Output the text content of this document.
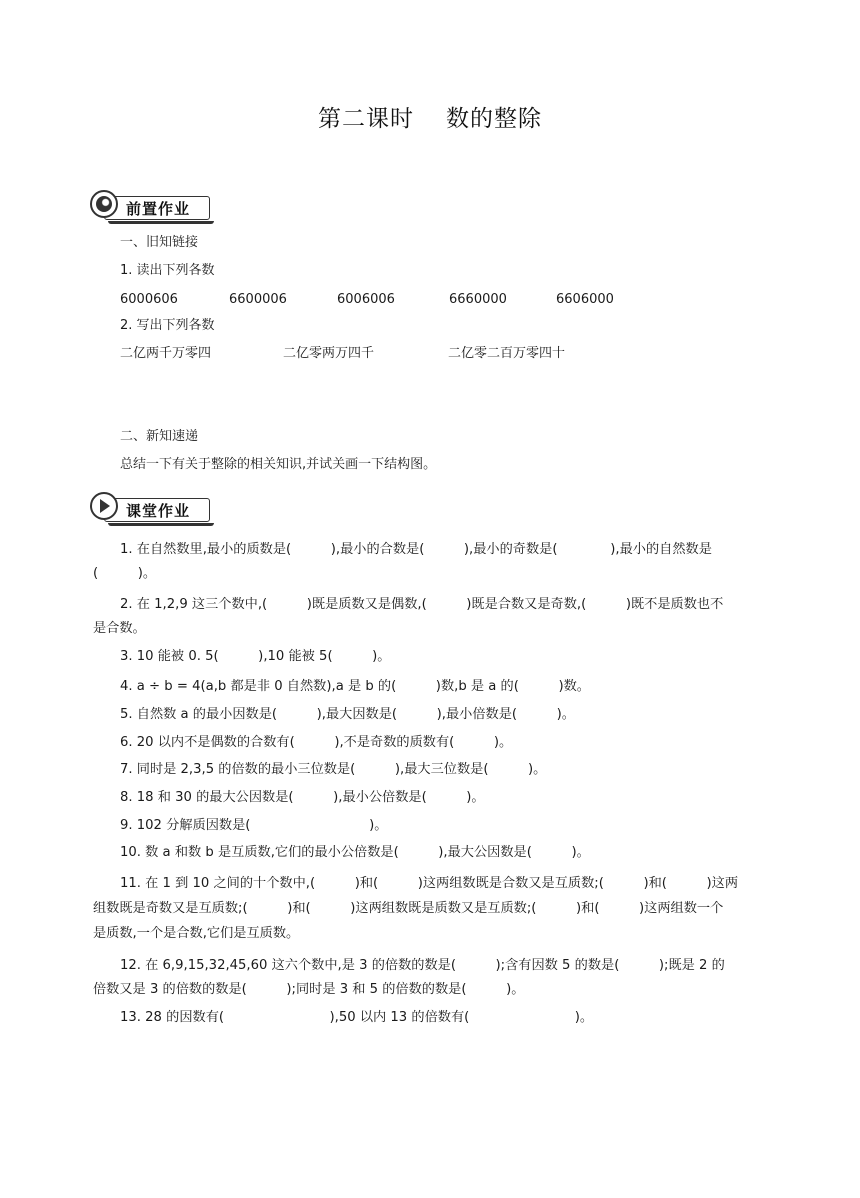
第二课时 数的整除
前置作业
一、旧知链接
1. 读出下列各数
6000606	6600006	6006006	6660000	6606000
2. 写出下列各数
二亿两千万零四	二亿零两万四千	二亿零二百万零四十
二、新知速递
总结一下有关于整除的相关知识,并试关画一下结构图。
课堂作业
1. 在自然数里,最小的质数是(　　　),最小的合数是(　　　),最小的奇数是(　　　　),最小的自然数是
(　　　)。
2. 在 1,2,9 这三个数中,(　　　)既是质数又是偶数,(　　　)既是合数又是奇数,(　　　)既不是质数也不
是合数。
3. 10 能被 0. 5(　　　),10 能被 5(　　　)。
4. a ÷ b = 4(a,b 都是非 0 自然数),a 是 b 的(　　　)数,b 是 a 的(　　　)数。
5. 自然数 a 的最小因数是(　　　),最大因数是(　　　),最小倍数是(　　　)。
6. 20 以内不是偶数的合数有(　　　),不是奇数的质数有(　　　)。
7. 同时是 2,3,5 的倍数的最小三位数是(　　　),最大三位数是(　　　)。
8. 18 和 30 的最大公因数是(　　　),最小公倍数是(　　　)。
9. 102 分解质因数是(　　　　　　　　　)。
10. 数 a 和数 b 是互质数,它们的最小公倍数是(　　　),最大公因数是(　　　)。
11. 在 1 到 10 之间的十个数中,(　　　)和(　　　)这两组数既是合数又是互质数;(　　　)和(　　　)这两
组数既是奇数又是互质数;(　　　)和(　　　)这两组数既是质数又是互质数;(　　　)和(　　　)这两组数一个
是质数,一个是合数,它们是互质数。
12. 在 6,9,15,32,45,60 这六个数中,是 3 的倍数的数是(　　　);含有因数 5 的数是(　　　);既是 2 的
倍数又是 3 的倍数的数是(　　　);同时是 3 和 5 的倍数的数是(　　　)。
13. 28 的因数有(　　　　　　　　),50 以内 13 的倍数有(　　　　　　　　)。
